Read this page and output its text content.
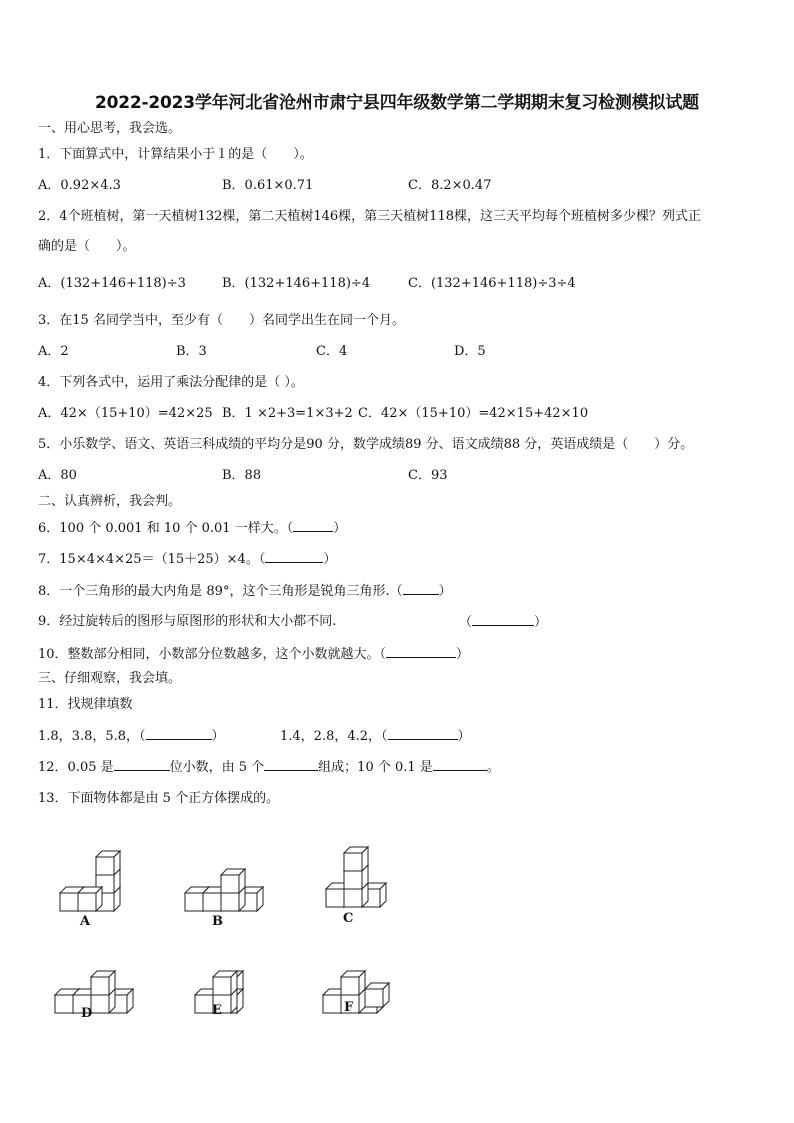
2022-2023学年河北省沧州市肃宁县四年级数学第二学期期末复习检测模拟试题
一、用心思考，我会选。
1．下面算式中，计算结果小于１的是（　　）。
A．0.92×4.3	B．0.61×0.71	C．8.2×0.47
2．4个班植树，第一天植树132棵，第二天植树146棵，第三天植树118棵，这三天平均每个班植树多少棵？列式正
确的是（　　）。
A．(132+146+118)÷3	B．(132+146+118)÷4	C．(132+146+118)÷3÷4
3．在15 名同学当中，至少有（　　）名同学出生在同一个月。
A．2	B．3	C．4	D．5
4．下列各式中，运用了乘法分配律的是（ ）。
A．42×（15+10）=42×25 B．1 ×2+3=1×3+2 C．42×（15+10）=42×15+42×10
5．小乐数学、语文、英语三科成绩的平均分是90 分，数学成绩89 分、语文成绩88 分，英语成绩是（　　）分。
A．80	B．88	C．93
二、认真辨析，我会判。
6．100 个 0.001 和 10 个 0.01 一样大。（	）
7．15×4×4×25＝（15＋25）×4。（	）
8．一个三角形的最大内角是 89°，这个三角形是锐角三角形.（	）
9．经过旋转后的图形与原图形的形状和大小都不同.	（	）
10．整数部分相同，小数部分位数越多，这个小数就越大。（	）
三、仔细观察，我会填。
11．找规律填数
1.8，3.8，5.8，（	）	1.4，2.8，4.2，（	）
12．0.05 是	位小数，由 5 个	组成；10 个 0.1 是	。
13．下面物体都是由 5 个正方体摆成的。
A	B	C
D	E	F
